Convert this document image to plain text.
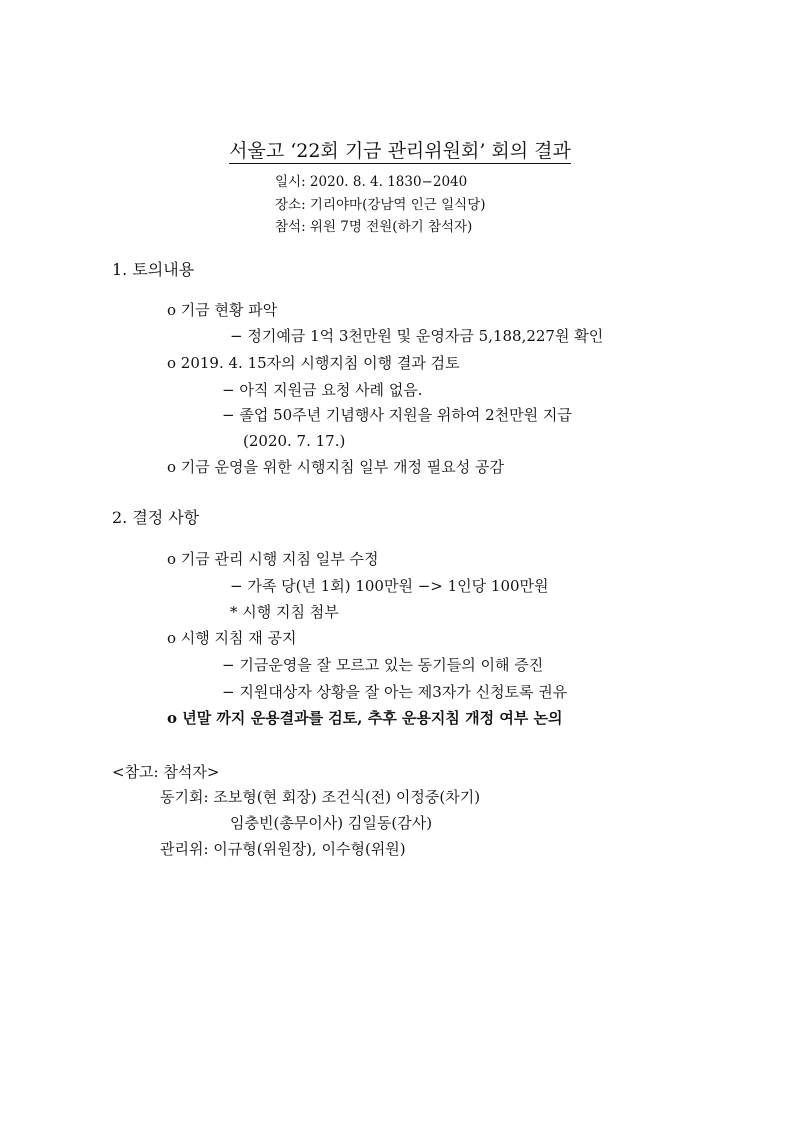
서울고 ‘22회 기금 관리위원회’ 회의 결과
일시: 2020. 8. 4. 1830−2040
장소: 기리야마(강남역 인근 일식당)
참석: 위원 7명 전원(하기 참석자)
1. 토의내용
o 기금 현황 파악
− 정기예금 1억 3천만원 및 운영자금 5,188,227원 확인
o 2019. 4. 15자의 시행지침 이행 결과 검토
− 아직 지원금 요청 사례 없음.
− 졸업 50주년 기념행사 지원을 위하여 2천만원 지급
(2020. 7. 17.)
o 기금 운영을 위한 시행지침 일부 개정 필요성 공감
2. 결정 사항
o 기금 관리 시행 지침 일부 수정
− 가족 당(년 1회) 100만원 −> 1인당 100만원
* 시행 지침 첨부
o 시행 지침 재 공지
− 기금운영을 잘 모르고 있는 동기들의 이해 증진
− 지원대상자 상황을 잘 아는 제3자가 신청토록 권유
o 년말 까지 운용결과를 검토, 추후 운용지침 개정 여부 논의
<참고: 참석자>
동기회: 조보형(현 회장) 조건식(전) 이정중(차기)
임충빈(총무이사) 김일동(감사)
관리위: 이규형(위원장), 이수형(위원)
